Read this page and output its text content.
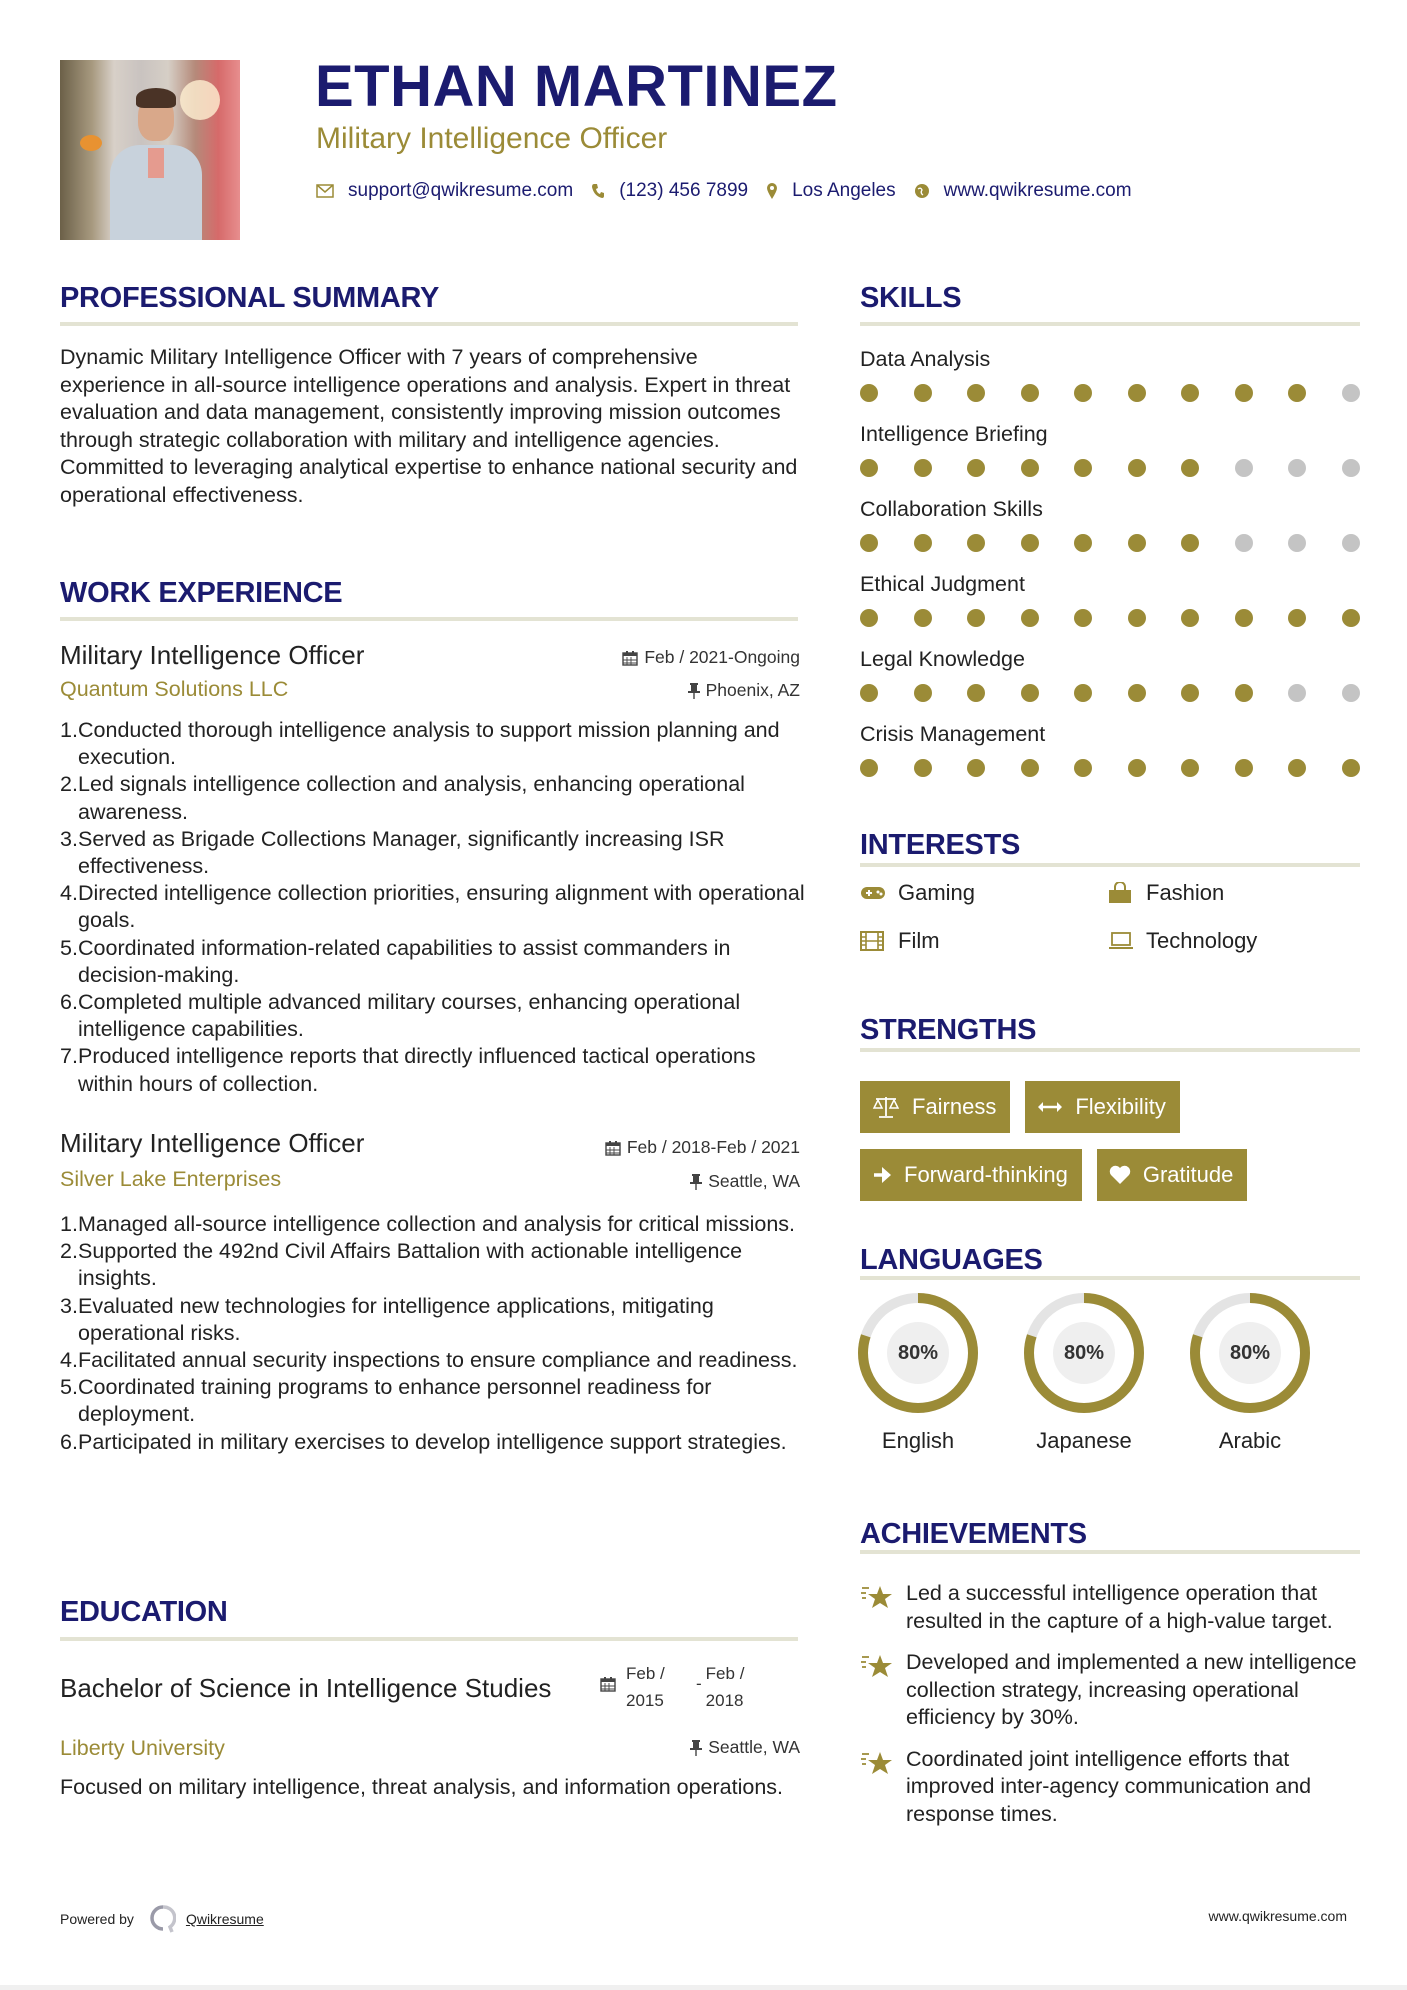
ETHAN MARTINEZ
Military Intelligence Officer
support@qwikresume.com (123) 456 7899 Los Angeles	www.qwikresume.com
PROFESSIONAL SUMMARY
Dynamic Military Intelligence Officer with 7 years of comprehensive experience in all-source intelligence operations and analysis. Expert in threat evaluation and data management, consistently improving mission outcomes through strategic collaboration with military and intelligence agencies. Committed to leveraging analytical expertise to enhance national security and operational effectiveness.
WORK EXPERIENCE
Military Intelligence Officer	Feb / 2021-Ongoing
Quantum Solutions LLC	Phoenix, AZ
Conducted thorough intelligence analysis to support mission planning and execution.
Led signals intelligence collection and analysis, enhancing operational awareness.
Served as Brigade Collections Manager, significantly increasing ISR effectiveness.
Directed intelligence collection priorities, ensuring alignment with operational goals.
Coordinated information-related capabilities to assist commanders in decision-making.
Completed multiple advanced military courses, enhancing operational intelligence capabilities.
Produced intelligence reports that directly influenced tactical operations within hours of collection.
Military Intelligence Officer	Feb / 2018-Feb / 2021
Silver Lake Enterprises	Seattle, WA
Managed all-source intelligence collection and analysis for critical missions.
Supported the 492nd Civil Affairs Battalion with actionable intelligence insights.
Evaluated new technologies for intelligence applications, mitigating operational risks.
Facilitated annual security inspections to ensure compliance and readiness.
Coordinated training programs to enhance personnel readiness for deployment.
Participated in military exercises to develop intelligence support strategies.
EDUCATION
Bachelor of Science in Intelligence Studies	Feb /
2015
-
Feb /
2018
Liberty University	Seattle, WA
Focused on military intelligence, threat analysis, and information operations.
SKILLS
Data Analysis
Intelligence Briefing
Collaboration Skills
Ethical Judgment
Legal Knowledge
Crisis Management
INTERESTS
Gaming	Fashion
Film	Technology
STRENGTHS
Fairness	Flexibility
Forward-thinking	Gratitude
LANGUAGES
80%
English
80%
Japanese
80%
Arabic
ACHIEVEMENTS
Led a successful intelligence operation that resulted in the capture of a high-value target.
Developed and implemented a new intelligence collection strategy, increasing operational efficiency by 30%.
Coordinated joint intelligence efforts that improved inter-agency communication and response times.
Powered by	Qwikresume	www.qwikresume.com
